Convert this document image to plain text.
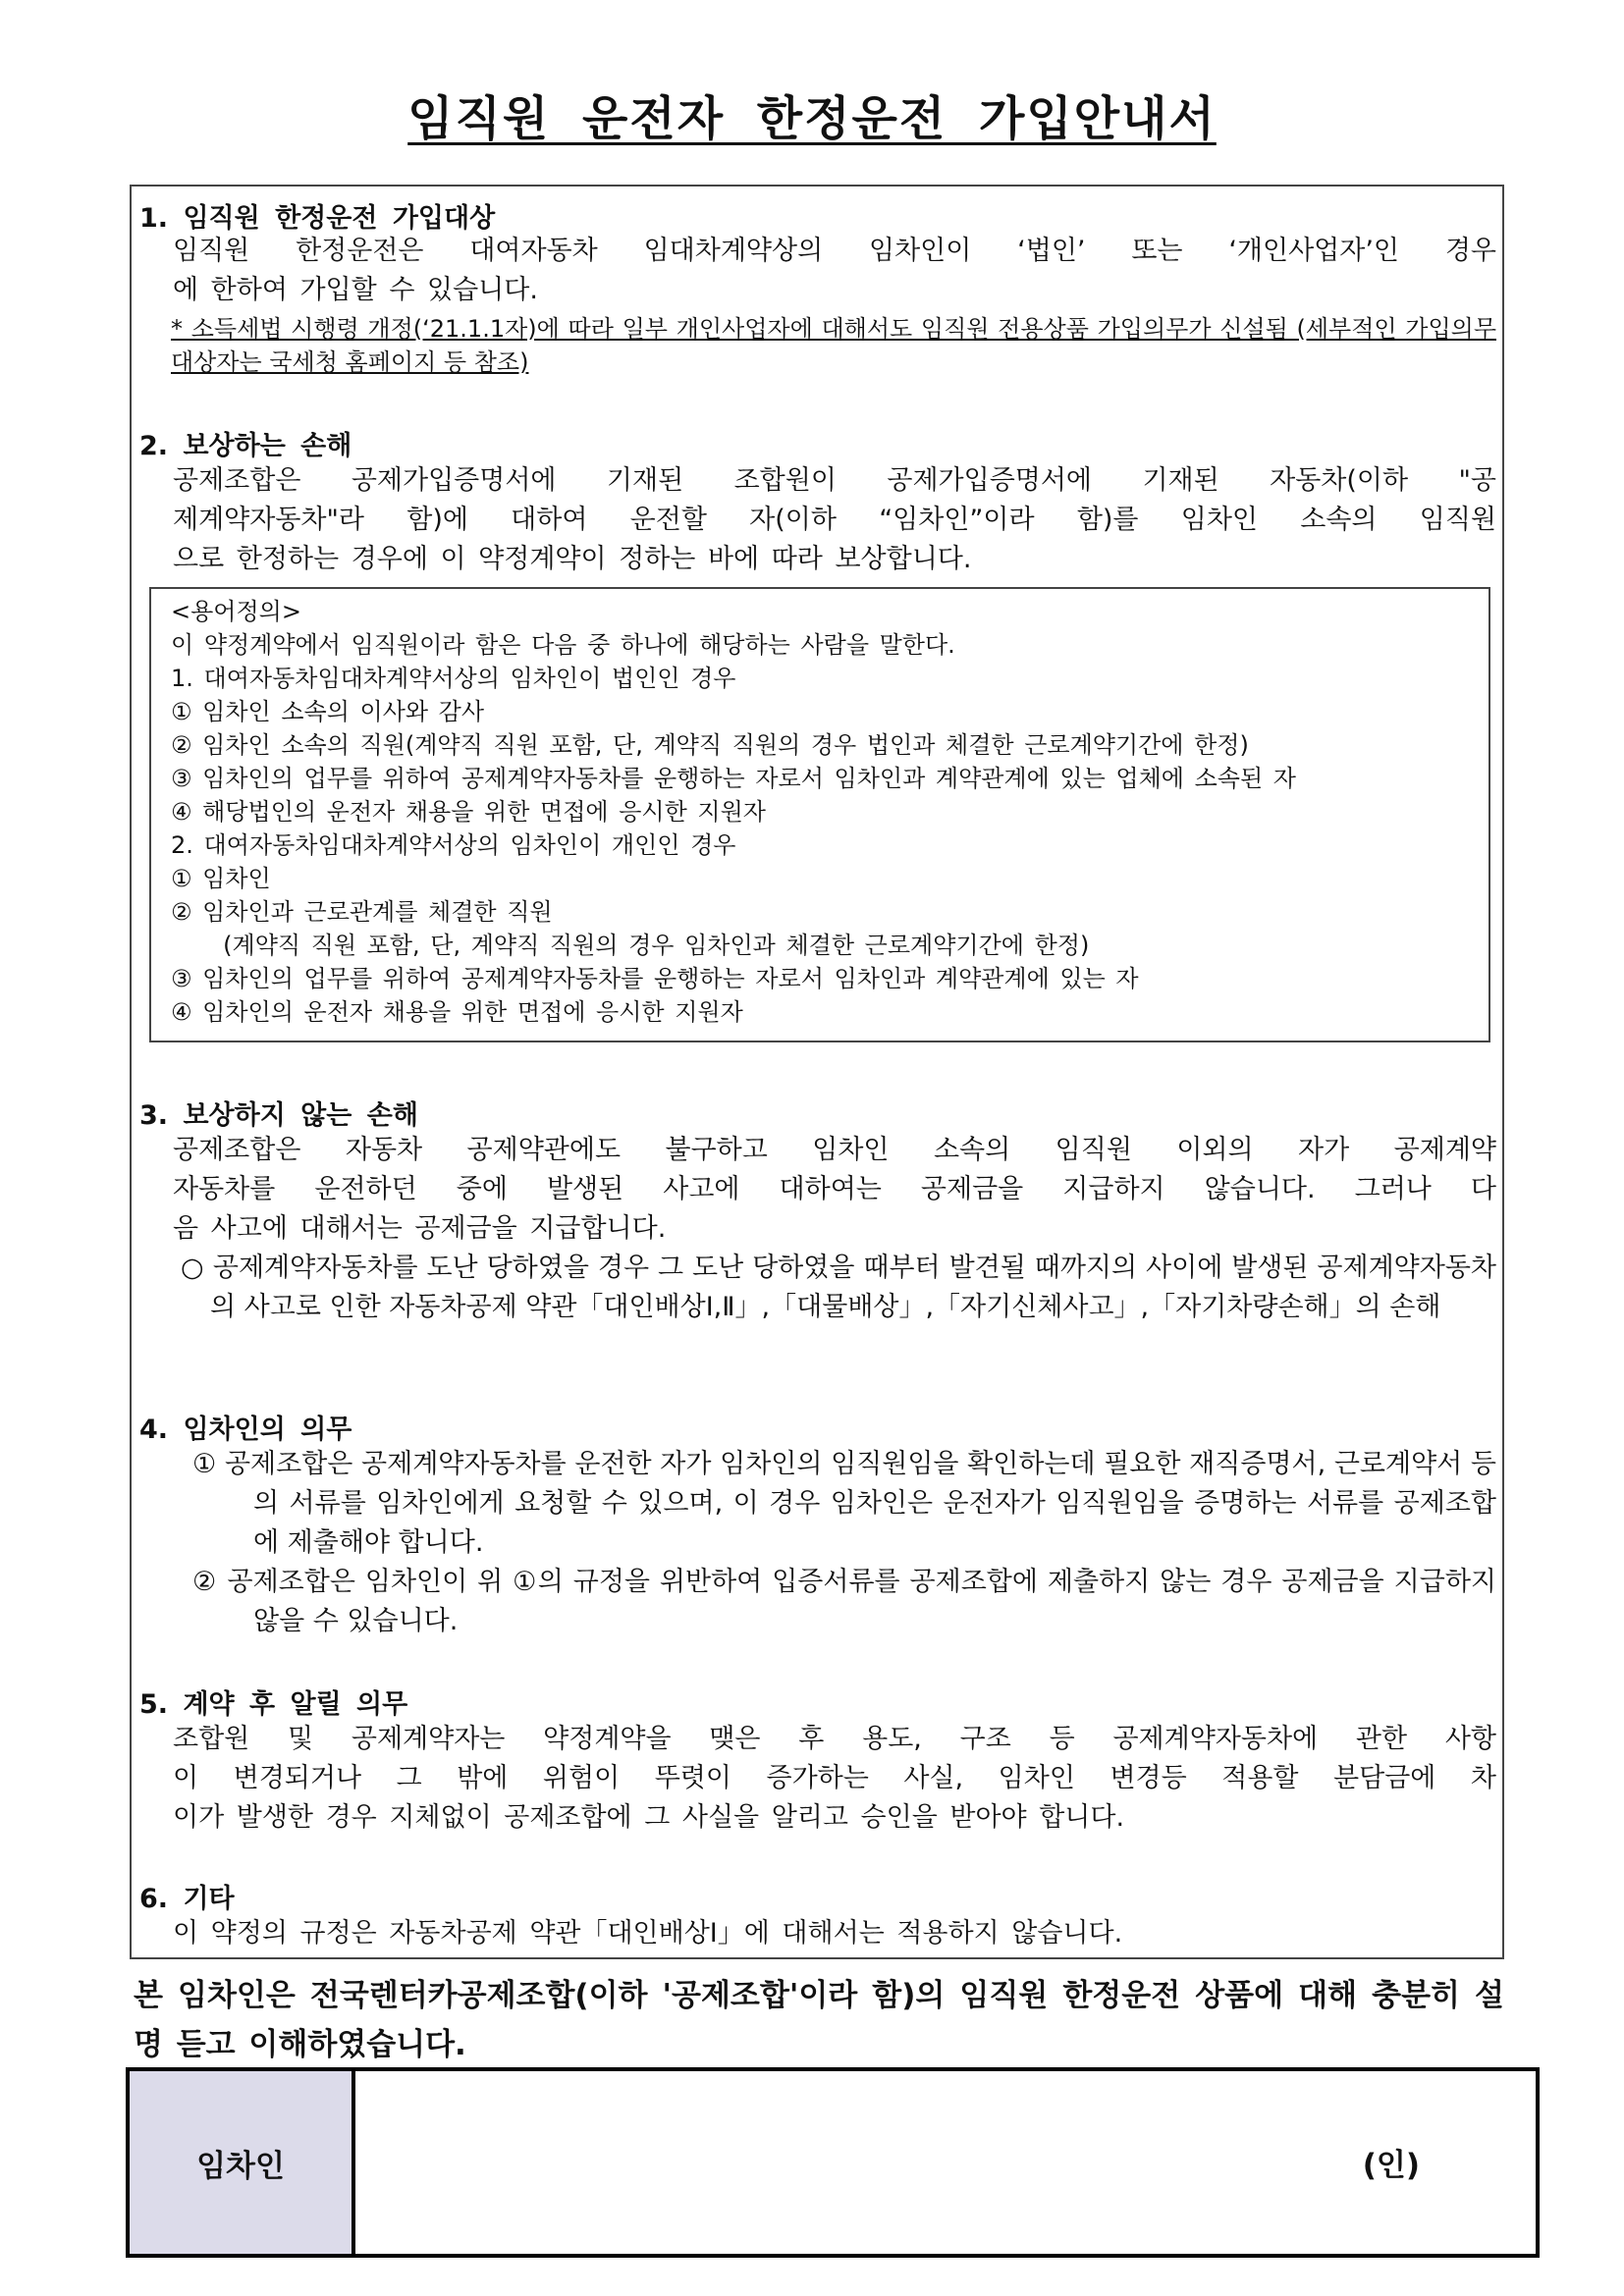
임직원 운전자 한정운전 가입안내서
1. 임직원 한정운전 가입대상

임직원 한정운전은 대여자동차 임대차계약상의 임차인이 ‘법인’ 또는 ‘개인사업자’인 경우

에 한하여 가입할 수 있습니다.

* 소득세법 시행령 개정(‘21.1.1자)에 따라 일부 개인사업자에 대해서도 임직원 전용상품 가입의무가 신설됨 (세부적인 가입의무 대상자는 국세청 홈페이지 등 참조)

2. 보상하는 손해

공제조합은 공제가입증명서에 기재된 조합원이 공제가입증명서에 기재된 자동차(이하 "공

제계약자동차"라 함)에 대하여 운전할 자(이하 “임차인”이라 함)를 임차인 소속의 임직원

으로 한정하는 경우에 이 약정계약이 정하는 바에 따라 보상합니다.

<용어정의>
이 약정계약에서 임직원이라 함은 다음 중 하나에 해당하는 사람을 말한다.
1. 대여자동차임대차계약서상의 임차인이 법인인 경우
① 임차인 소속의 이사와 감사
② 임차인 소속의 직원(계약직 직원 포함, 단, 계약직 직원의 경우 법인과 체결한 근로계약기간에 한정)
③ 임차인의 업무를 위하여 공제계약자동차를 운행하는 자로서 임차인과 계약관계에 있는 업체에 소속된 자
④ 해당법인의 운전자 채용을 위한 면접에 응시한 지원자
2. 대여자동차임대차계약서상의 임차인이 개인인 경우
① 임차인
② 임차인과 근로관계를 체결한 직원
(계약직 직원 포함, 단, 계약직 직원의 경우 임차인과 체결한 근로계약기간에 한정)
③ 임차인의 업무를 위하여 공제계약자동차를 운행하는 자로서 임차인과 계약관계에 있는 자
④ 임차인의 운전자 채용을 위한 면접에 응시한 지원자
3. 보상하지 않는 손해

공제조합은 자동차 공제약관에도 불구하고 임차인 소속의 임직원 이외의 자가 공제계약

자동차를 운전하던 중에 발생된 사고에 대하여는 공제금을 지급하지 않습니다. 그러나 다

음 사고에 대해서는 공제금을 지급합니다.

○ 공제계약자동차를 도난 당하였을 경우 그 도난 당하였을 때부터 발견될 때까지의 사이에 발생된 공제계약자동차의 사고로 인한 자동차공제 약관「대인배상Ⅰ,Ⅱ」,「대물배상」,「자기신체사고」,「자기차량손해」의 손해

4. 임차인의 의무

① 공제조합은 공제계약자동차를 운전한 자가 임차인의 임직원임을 확인하는데 필요한 재직증명서, 근로계약서 등의 서류를 임차인에게 요청할 수 있으며, 이 경우 임차인은 운전자가 임직원임을 증명하는 서류를 공제조합에 제출해야 합니다.

② 공제조합은 임차인이 위 ①의 규정을 위반하여 입증서류를 공제조합에 제출하지 않는 경우 공제금을 지급하지 않을 수 있습니다.

5. 계약 후 알릴 의무

조합원 및 공제계약자는 약정계약을 맺은 후 용도, 구조 등 공제계약자동차에 관한 사항

이 변경되거나 그 밖에 위험이 뚜렷이 증가하는 사실, 임차인 변경등 적용할 분담금에 차

이가 발생한 경우 지체없이 공제조합에 그 사실을 알리고 승인을 받아야 합니다.

6. 기타

이 약정의 규정은 자동차공제 약관「대인배상Ⅰ」에 대해서는 적용하지 않습니다.

본 임차인은 전국렌터카공제조합(이하 '공제조합'이라 함)의 임직원 한정운전 상품에 대해 충분히 설명 듣고 이해하였습니다.

임차인	(인)
